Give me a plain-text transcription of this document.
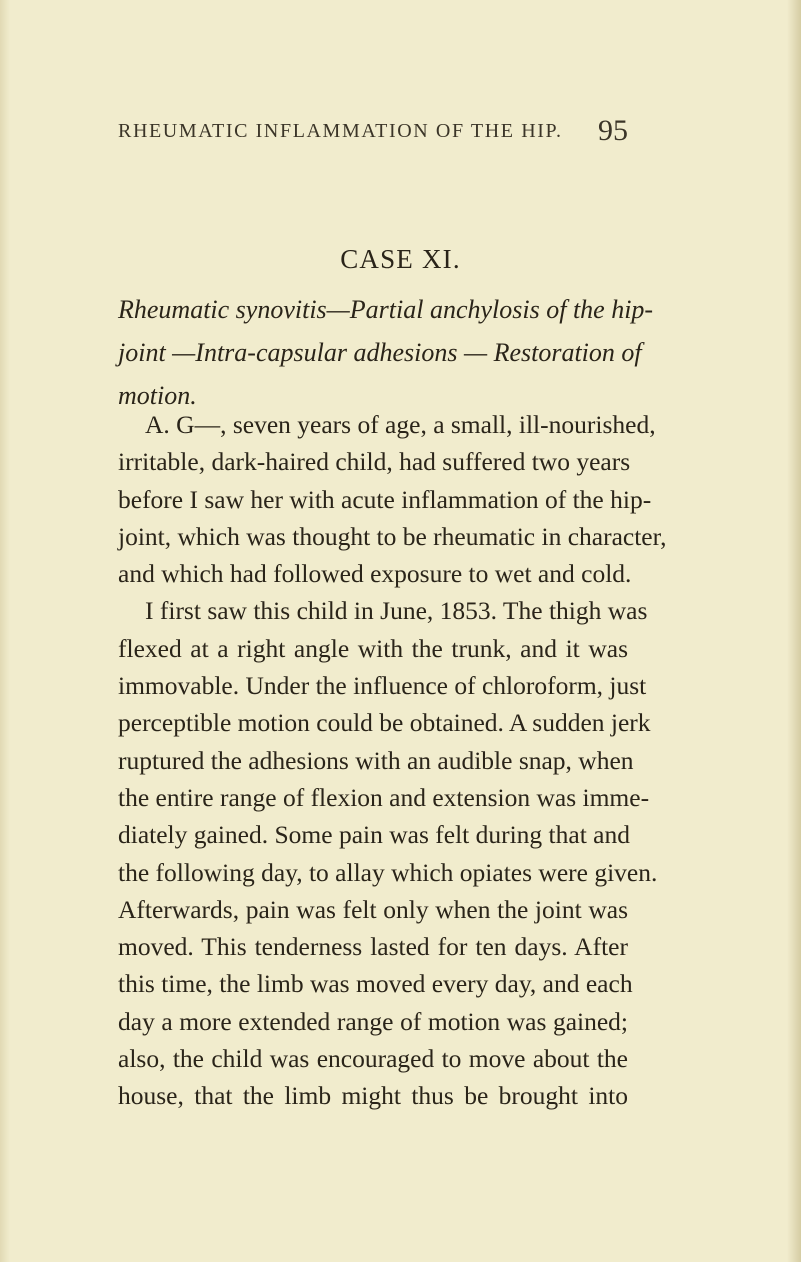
RHEUMATIC INFLAMMATION OF THE HIP. 95
CASE XI.
Rheumatic synovitis—Partial anchylosis of the hip-
joint —Intra-capsular adhesions — Restoration of
motion.
A. G—, seven years of age, a small, ill-nourished,
irritable, dark-haired child, had suffered two years
before I saw her with acute inflammation of the hip-
joint, which was thought to be rheumatic in character,
and which had followed exposure to wet and cold.
I first saw this child in June, 1853. The thigh was
flexed at a right angle with the trunk, and it was
immovable. Under the influence of chloroform, just
perceptible motion could be obtained. A sudden jerk
ruptured the adhesions with an audible snap, when
the entire range of flexion and extension was imme-
diately gained. Some pain was felt during that and
the following day, to allay which opiates were given.
Afterwards, pain was felt only when the joint was
moved. This tenderness lasted for ten days. After
this time, the limb was moved every day, and each
day a more extended range of motion was gained;
also, the child was encouraged to move about the
house, that the limb might thus be brought into
